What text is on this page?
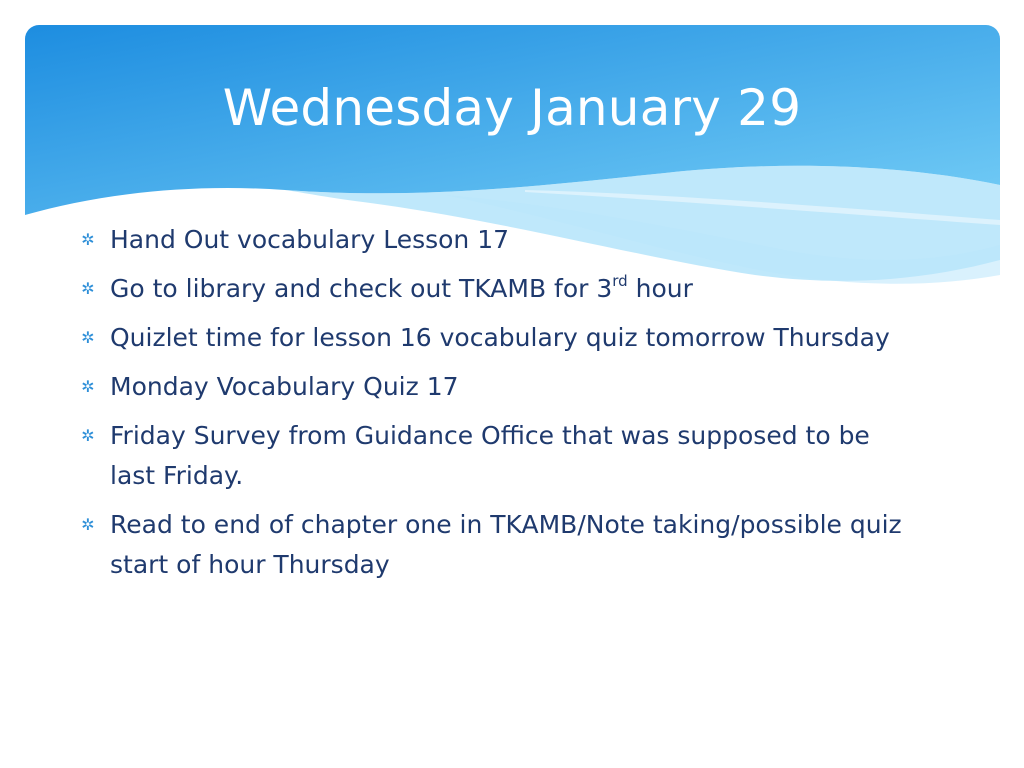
Wednesday January 29
✲ Hand Out vocabulary Lesson 17
✲ Go to library and check out TKAMB for 3rd hour
✲ Quizlet time for lesson 16 vocabulary quiz tomorrow Thursday
✲ Monday Vocabulary Quiz 17
✲ Friday Survey from Guidance Office that was supposed to be last Friday.
✲ Read to end of chapter one in TKAMB/Note taking/possible quiz start of hour Thursday
